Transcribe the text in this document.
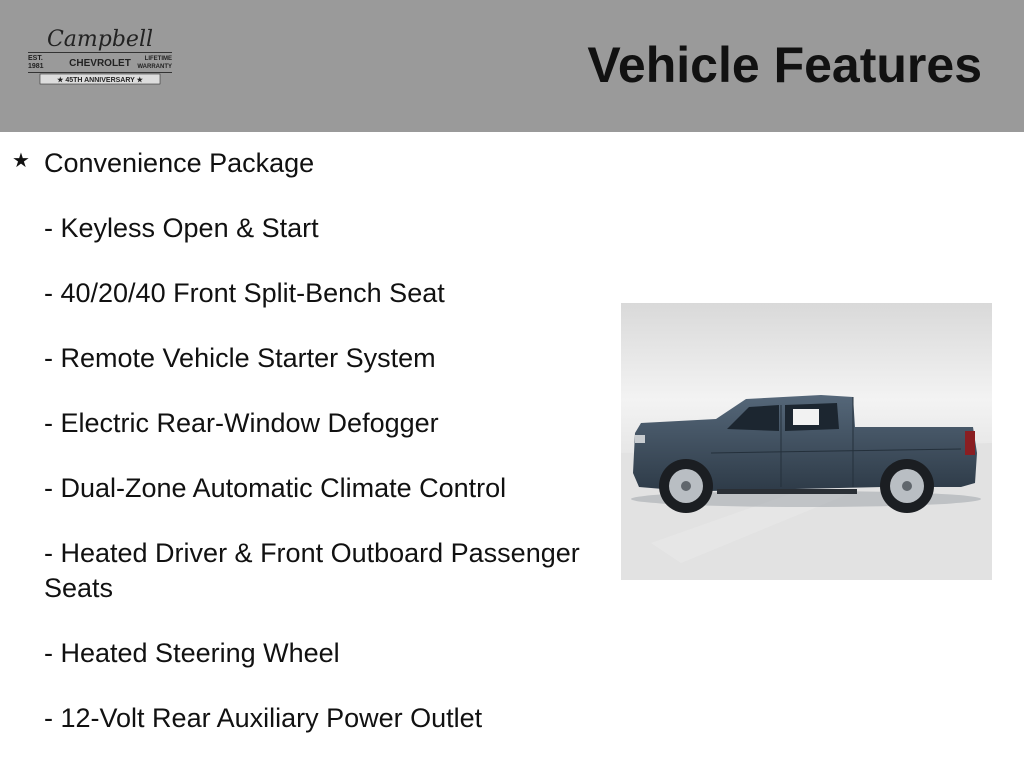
Campbell
EST.
1981	CHEVROLET LIFETIME
WARRANTY
★ 45TH ANNIVERSARY ★	Vehicle Features
★ Convenience Package
- Keyless Open & Start
- 40/20/40 Front Split-Bench Seat
- Remote Vehicle Starter System
- Electric Rear-Window Defogger
- Dual-Zone Automatic Climate Control
- Heated Driver & Front Outboard Passenger Seats
- Heated Steering Wheel
- 12-Volt Rear Auxiliary Power Outlet
